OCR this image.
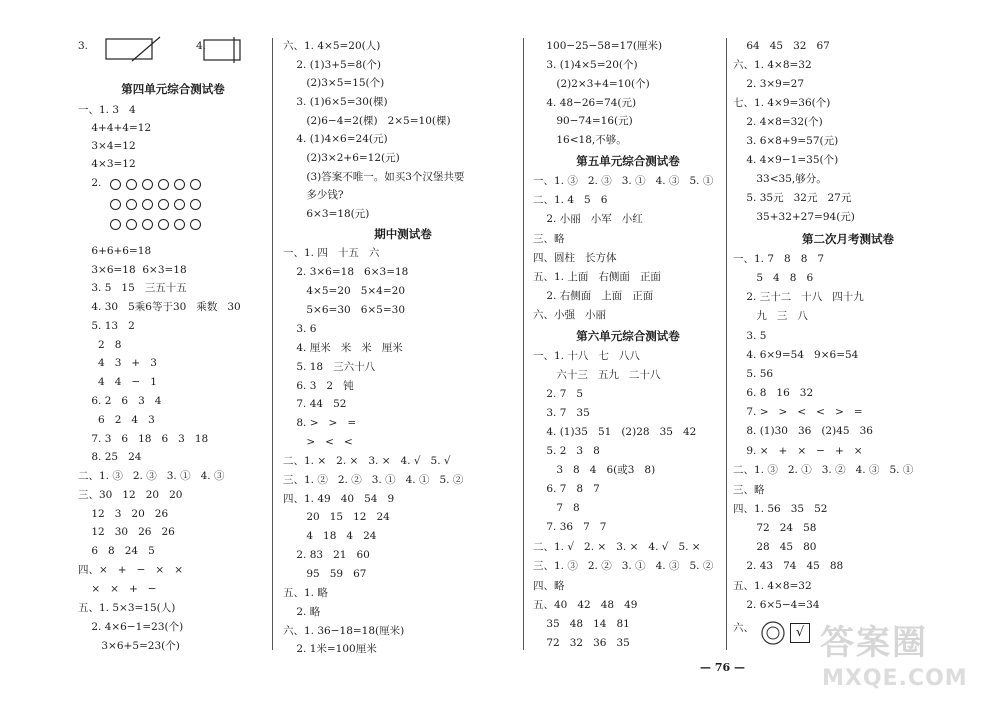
3.	4.
第四单元综合测试卷
一、1. 3   4
4+4+4=12
3×4=12
4×3=12
2.
6+6+6=18
3×6=18  6×3=18
3. 5   15   三五十五
4. 30   5乘6等于30   乘数   30
5. 13   2
2   8
4   3   +   3
4   4   −   1
6. 2   6   3   4
6   2   4   3
7. 3   6   18   6   3   18
8. 25   24
二、1. ③   2. ③   3. ①   4. ③
三、30   12   20   20
12   3   20   26
12   30   26   26
6   8   24   5
四、×   +   −   ×   ×
×   ×   +   −
五、1. 5×3=15(人)
2. 4×6−1=23(个)
3×6+5=23(个)
六、1. 4×5=20(人)
2. (1)3+5=8(个)
(2)3×5=15(个)
3. (1)6×5=30(棵)
(2)6−4=2(棵)   2×5=10(棵)
4. (1)4×6=24(元)
(2)3×2+6=12(元)
(3)答案不唯一。如买3个汉堡共要
多少钱?
6×3=18(元)
期中测试卷
一、1. 四   十五   六
2. 3×6=18   6×3=18
4×5=20   5×4=20
5×6=30   6×5=30
3. 6
4. 厘米   米   米   厘米
5. 18   三六十八
6. 3   2   钝
7. 44   52
8. >   >   =
>   <   <
二、1. ×   2. ×   3. ×   4. √   5. √
三、1. ②   2. ②   3. ①   4. ①   5. ②
四、1. 49   40   54   9
20   15   12   24
4   18   4   24
2. 83   21   60
95   59   67
五、1. 略
2. 略
六、1. 36−18=18(厘米)
2. 1米=100厘米
100−25−58=17(厘米)
3. (1)4×5=20(个)
(2)2×3+4=10(个)
4. 48−26=74(元)
90−74=16(元)
16<18,不够。
第五单元综合测试卷
一、1. ③   2. ③   3. ①   4. ③   5. ①
二、1. 4   5   6
2. 小丽   小军   小红
三、略
四、圆柱   长方体
五、1. 上面   右侧面   正面
2. 右侧面   上面   正面
六、小强   小丽
第六单元综合测试卷
一、1. 十八   七   八八
六十三   五九   二十八
2. 7   5
3. 7   35
4. (1)35   51   (2)28   35   42
5. 2   3   8
3   8   4   6(或3   8)
6. 7   8   7
7   8
7. 36   7   7
二、1. √   2. ×   3. ×   4. √   5. ×
三、1. ③   2. ②   3. ①   4. ③   5. ②
四、略
五、40   42   48   49
35   48   14   81
72   32   36   35
64   45   32   67
六、1. 4×8=32
2. 3×9=27
七、1. 4×9=36(个)
2. 4×8=32(个)
3. 6×8+9=57(元)
4. 4×9−1=35(个)
33<35,够分。
5. 35元   32元   27元
35+32+27=94(元)
第二次月考测试卷
一、1. 7   8   8   7
5   4   8   6
2. 三十二   十八   四十九
九   三   八
3. 5
4. 6×9=54   9×6=54
5. 56
6. 8   16   32
7. >   >   <   <   >   =
8. (1)30   36   (2)45   36
9. ×   +   ×   −   +   ×
二、1. ③   2. ①   3. ②   4. ③   5. ①
三、略
四、1. 56   35   52
72   24   58
28   45   80
2. 43   74   45   88
五、1. 4×8=32
2. 6×5−4=34
六、	√ 答案圈
MXQE.COM
— 76 —
